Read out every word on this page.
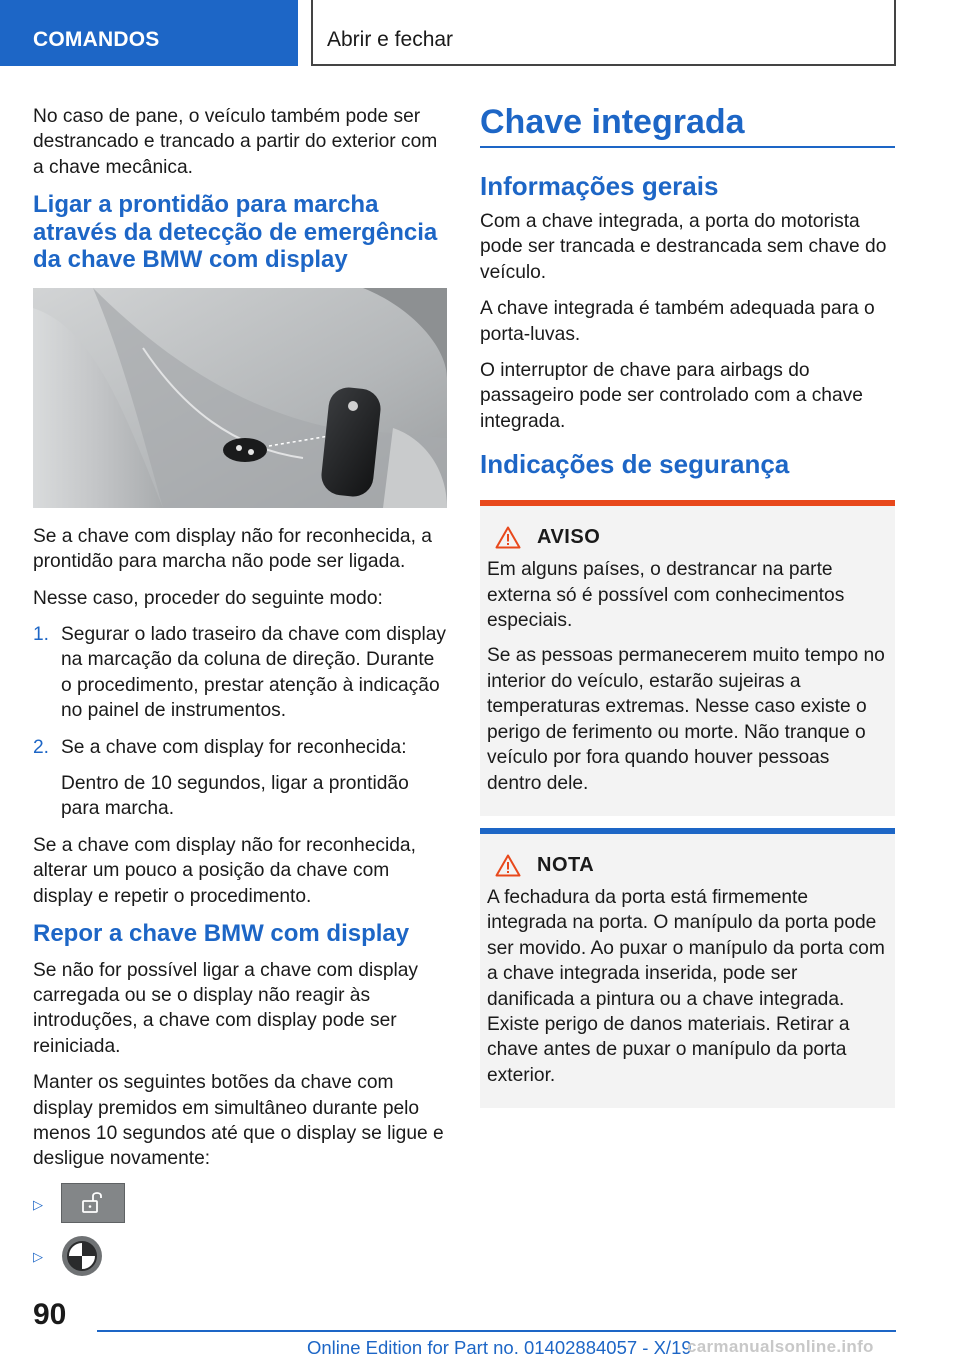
COMANDOS	Abrir e fechar

No caso de pane, o veículo também pode ser destrancado e trancado a partir do exterior com a chave mecânica.

Ligar a prontidão para marcha através da detecção de emergência da chave BMW com display

Se a chave com display não for reconhecida, a prontidão para marcha não pode ser ligada.

Nesse caso, proceder do seguinte modo:

1. Segurar o lado traseiro da chave com display na marcação da coluna de direção. Durante o procedimento, prestar atenção à indicação no painel de instrumentos.
2. Se a chave com display for reconhecida:
Dentro de 10 segundos, ligar a prontidão para marcha.

Se a chave com display não for reconhecida, alterar um pouco a posição da chave com display e repetir o procedimento.

Repor a chave BMW com display

Se não for possível ligar a chave com display carregada ou se o display não reagir às introduções, a chave com display pode ser reiniciada.

Manter os seguintes botões da chave com display premidos em simultâneo durante pelo menos 10 segundos até que o display se ligue e desligue novamente:

▷
▷
Chave integrada
Informações gerais

Com a chave integrada, a porta do motorista pode ser trancada e destrancada sem chave do veículo.

A chave integrada é também adequada para o porta-luvas.

O interruptor de chave para airbags do passageiro pode ser controlado com a chave integrada.

Indicações de segurança
AVISO

Em alguns países, o destrancar na parte externa só é possível com conhecimentos especiais.

Se as pessoas permanecerem muito tempo no interior do veículo, estarão sujeiras a temperaturas extremas. Nesse caso existe o perigo de ferimento ou morte. Não tranque o veículo por fora quando houver pessoas dentro dele.

NOTA

A fechadura da porta está firmemente integrada na porta. O manípulo da porta pode ser movido. Ao puxar o manípulo da porta com a chave integrada inserida, pode ser danificada a pintura ou a chave integrada. Existe perigo de danos materiais. Retirar a chave antes de puxar o manípulo da porta exterior.

90
Online Edition for Part no. 01402884057 - X/19
carmanualsonline.info
